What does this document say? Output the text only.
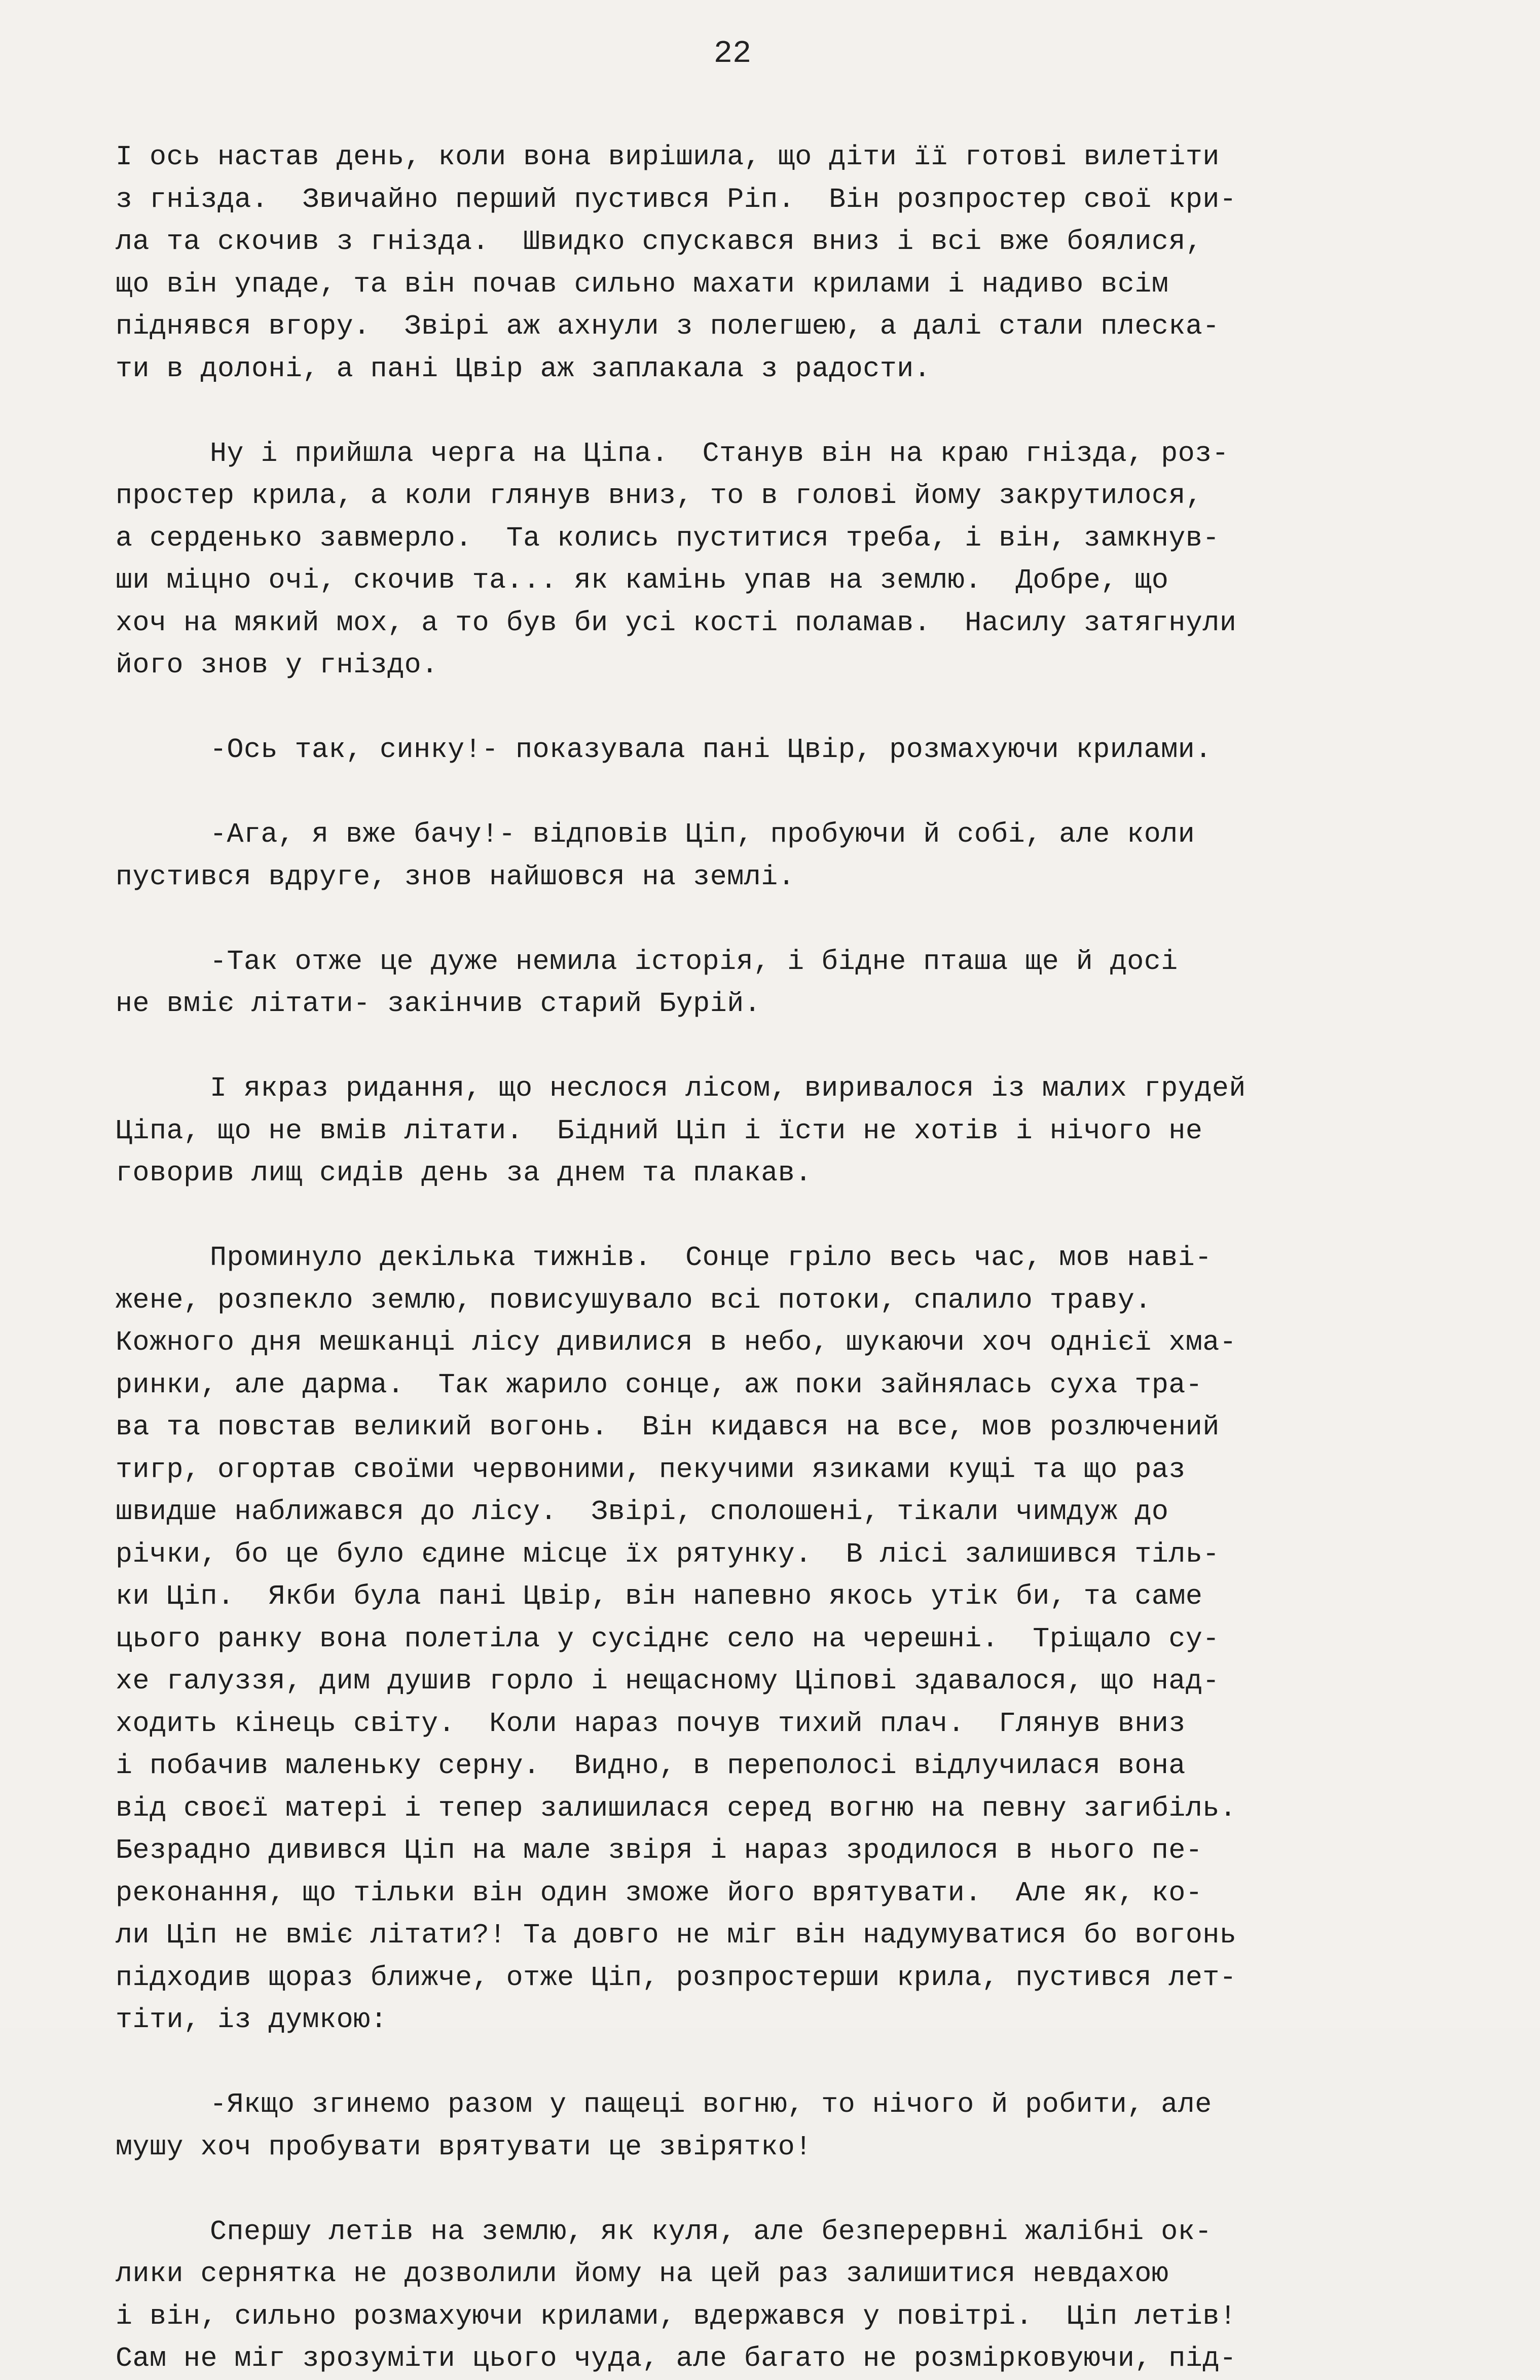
22
І ось настав день, коли вона вирішила, що діти її готові вилетіти
з гнізда.  Звичайно перший пустився Ріп.  Він розпростер свої кри-
ла та скочив з гнізда.  Швидко спускався вниз і всі вже боялися,
що він упаде, та він почав сильно махати крилами і надиво всім
піднявся вгору.  Звірі аж ахнули з полегшею, а далі стали плеска-
ти в долоні, а пані Цвір аж заплакала з радости.
Ну і прийшла черга на Ціпа.  Станув він на краю гнізда, роз-
простер крила, а коли глянув вниз, то в голові йому закрутилося,
а серденько завмерло.  Та колись пуститися треба, і він, замкнув-
ши міцно очі, скочив та... як камінь упав на землю.  Добре, що
хоч на мякий мох, а то був би усі кості поламав.  Насилу затягнули
його знов у гніздо.
-Ось так, синку!- показувала пані Цвір, розмахуючи крилами.
-Ага, я вже бачу!- відповів Ціп, пробуючи й собі, але коли
пустився вдруге, знов найшовся на землі.
-Так отже це дуже немила історія, і бідне пташа ще й досі
не вміє літати- закінчив старий Бурій.
І якраз ридання, що неслося лісом, виривалося із малих грудей
Ціпа, що не вмів літати.  Бідний Ціп і їсти не хотів і нічого не
говорив лищ сидів день за днем та плакав.
Проминуло декілька тижнів.  Сонце гріло весь час, мов наві-
жене, розпекло землю, повисушувало всі потоки, спалило траву.
Кожного дня мешканці лісу дивилися в небо, шукаючи хоч однієї хма-
ринки, але дарма.  Так жарило сонце, аж поки зайнялась суха тра-
ва та повстав великий вогонь.  Він кидався на все, мов розлючений
тигр, огортав своїми червоними, пекучими язиками кущі та що раз
швидше наближався до лісу.  Звірі, сполошені, тікали чимдуж до
річки, бо це було єдине місце їх рятунку.  В лісі залишився тіль-
ки Ціп.  Якби була пані Цвір, він напевно якось утік би, та саме
цього ранку вона полетіла у сусіднє село на черешні.  Тріщало су-
хе галуззя, дим душив горло і нещасному Ціпові здавалося, що над-
ходить кінець світу.  Коли нараз почув тихий плач.  Глянув вниз
і побачив маленьку серну.  Видно, в переполосі відлучилася вона
від своєї матері і тепер залишилася серед вогню на певну загибіль.
Безрадно дивився Ціп на мале звіря і нараз зродилося в нього пе-
реконання, що тільки він один зможе його врятувати.  Але як, ко-
ли Ціп не вміє літати?! Та довго не міг він надумуватися бо вогонь
підходив щораз ближче, отже Ціп, розпростерши крила, пустився лет-
тіти, із думкою:
-Якщо згинемо разом у пащеці вогню, то нічого й робити, але
мушу хоч пробувати врятувати це звірятко!
Спершу летів на землю, як куля, але безперервні жалібні ок-
лики сернятка не дозволили йому на цей раз залишитися невдахою
і він, сильно розмахуючи крилами, вдержався у повітрі.  Ціп летів!
Сам не міг зрозуміти цього чуда, але багато не розмірковуючи, під-
